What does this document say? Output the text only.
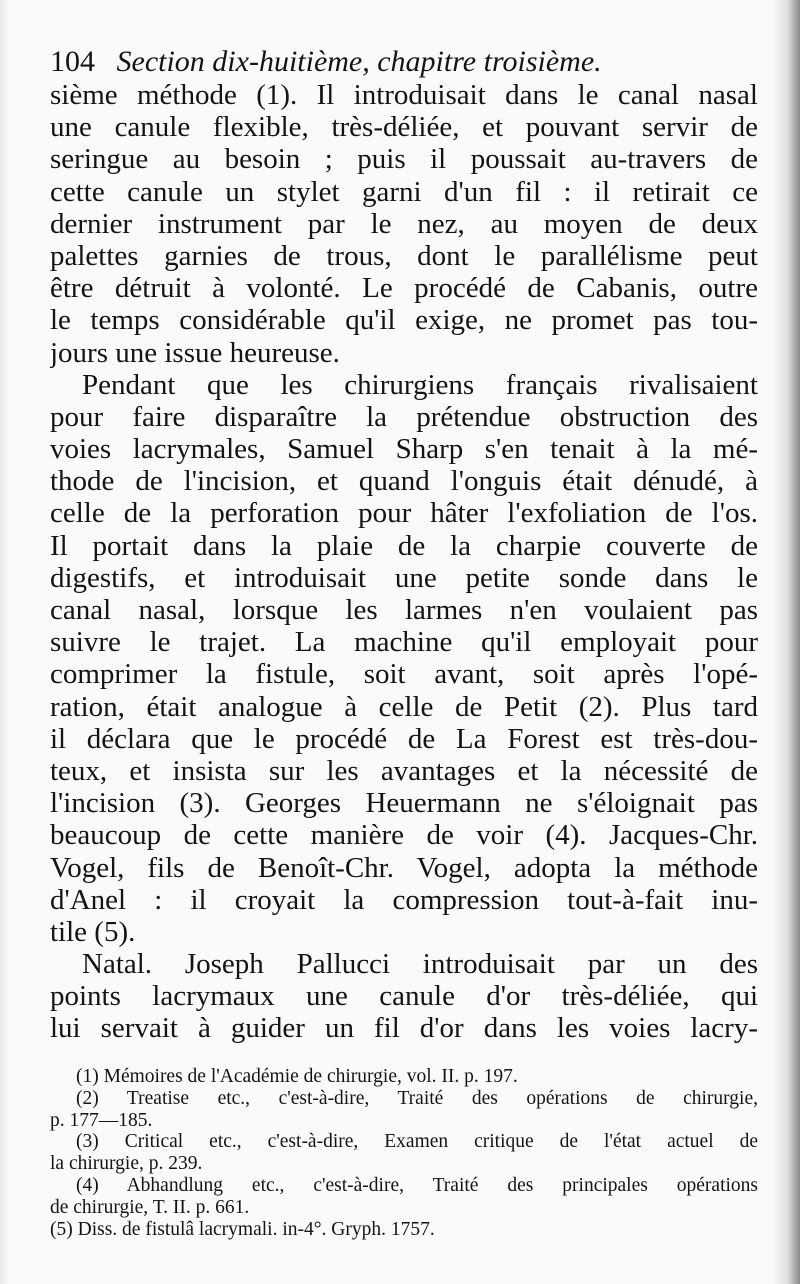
104 Section dix-huitième, chapitre troisième.
sième méthode (1). Il introduisait dans le canal nasal
une canule flexible, très-déliée, et pouvant servir de
seringue au besoin ; puis il poussait au-travers de
cette canule un stylet garni d'un fil : il retirait ce
dernier instrument par le nez, au moyen de deux
palettes garnies de trous, dont le parallélisme peut
être détruit à volonté. Le procédé de Cabanis, outre
le temps considérable qu'il exige, ne promet pas tou-
jours une issue heureuse.
Pendant que les chirurgiens français rivalisaient
pour faire disparaître la prétendue obstruction des
voies lacrymales, Samuel Sharp s'en tenait à la mé-
thode de l'incision, et quand l'onguis était dénudé, à
celle de la perforation pour hâter l'exfoliation de l'os.
Il portait dans la plaie de la charpie couverte de
digestifs, et introduisait une petite sonde dans le
canal nasal, lorsque les larmes n'en voulaient pas
suivre le trajet. La machine qu'il employait pour
comprimer la fistule, soit avant, soit après l'opé-
ration, était analogue à celle de Petit (2). Plus tard
il déclara que le procédé de La Forest est très-dou-
teux, et insista sur les avantages et la nécessité de
l'incision (3). Georges Heuermann ne s'éloignait pas
beaucoup de cette manière de voir (4). Jacques-Chr.
Vogel, fils de Benoît-Chr. Vogel, adopta la méthode
d'Anel : il croyait la compression tout-à-fait inu-
tile (5).
Natal. Joseph Pallucci introduisait par un des
points lacrymaux une canule d'or très-déliée, qui
lui servait à guider un fil d'or dans les voies lacry-
(1) Mémoires de l'Académie de chirurgie, vol. II. p. 197.
(2) Treatise etc., c'est-à-dire, Traité des opérations de chirurgie,
p. 177—185.
(3) Critical etc., c'est-à-dire, Examen critique de l'état actuel de
la chirurgie, p. 239.
(4) Abhandlung etc., c'est-à-dire, Traité des principales opérations
de chirurgie, T. II. p. 661.
(5) Diss. de fistulâ lacrymali. in-4°. Gryph. 1757.
